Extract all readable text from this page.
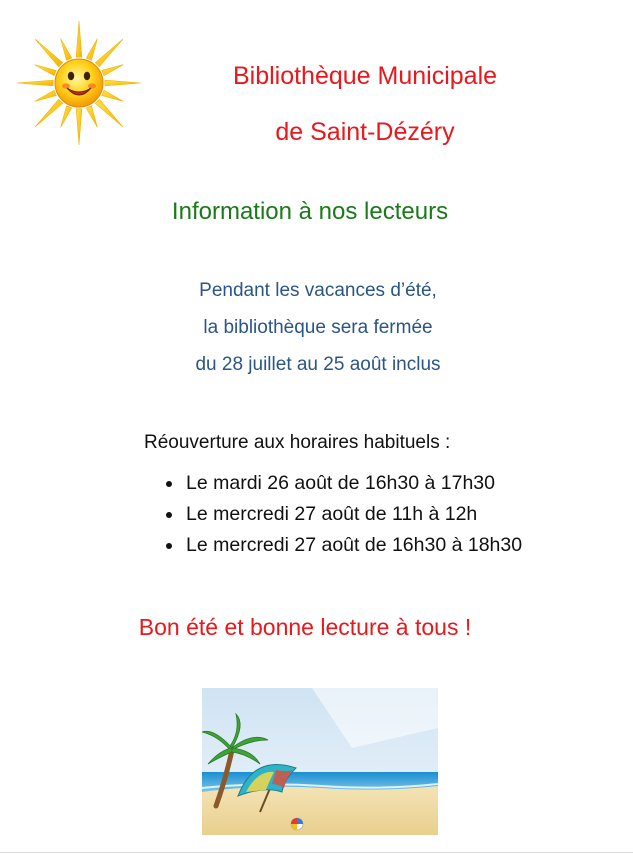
Bibliothèque Municipale
de Saint-Dézéry
Information à nos lecteurs
Pendant les vacances d’été,
la bibliothèque sera fermée
du 28 juillet au 25 août inclus
Réouverture aux horaires habituels :
Le mardi 26 août de 16h30 à 17h30
Le mercredi 27 août de 11h à 12h
Le mercredi 27 août de 16h30 à 18h30
Bon été et bonne lecture à tous !
